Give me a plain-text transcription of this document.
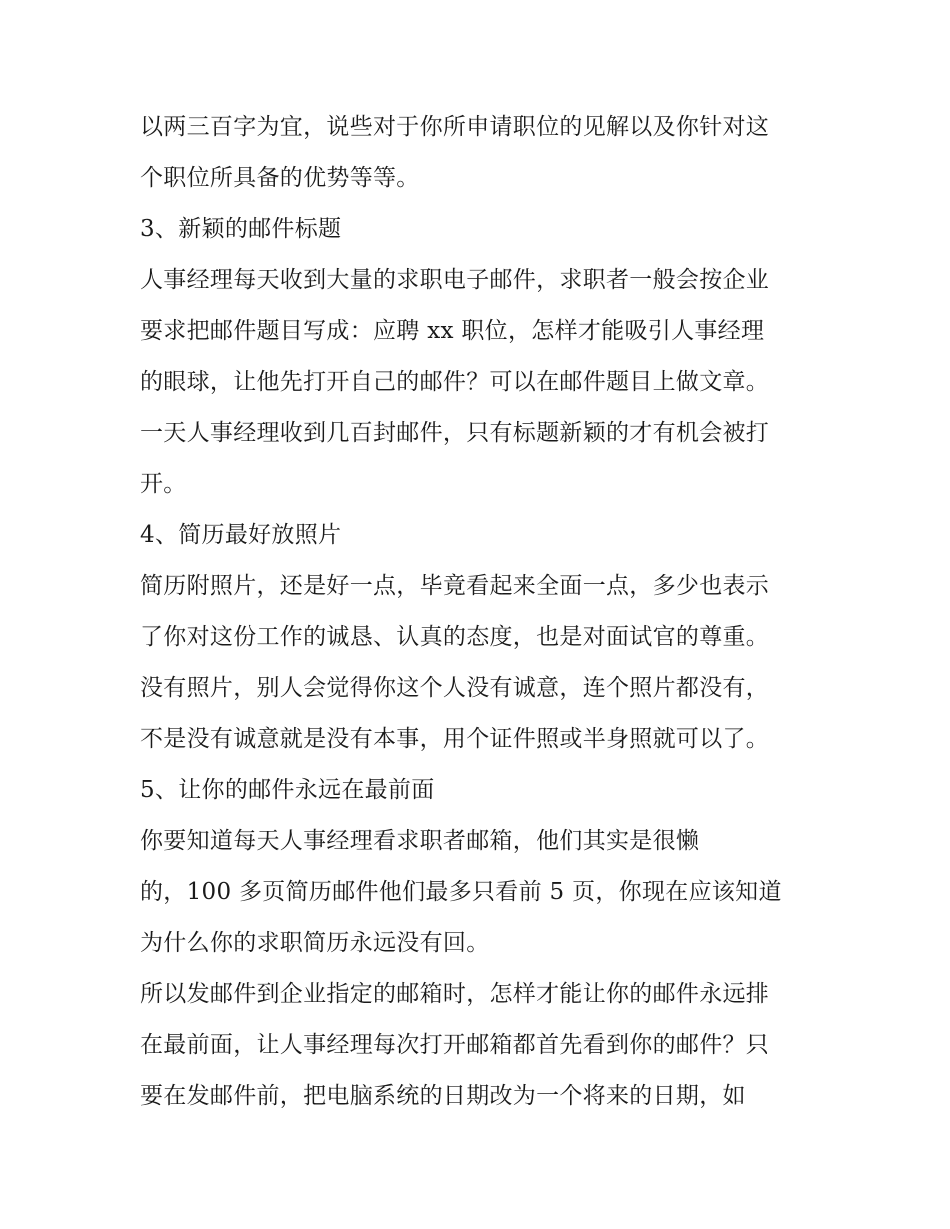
以两三百字为宜，说些对于你所申请职位的见解以及你针对这

个职位所具备的优势等等。

3、新颖的邮件标题

人事经理每天收到大量的求职电子邮件，求职者一般会按企业

要求把邮件题目写成：应聘 xx 职位，怎样才能吸引人事经理

的眼球，让他先打开自己的邮件？可以在邮件题目上做文章。

一天人事经理收到几百封邮件，只有标题新颖的才有机会被打

开。

4、简历最好放照片

简历附照片，还是好一点，毕竟看起来全面一点，多少也表示

了你对这份工作的诚恳、认真的态度，也是对面试官的尊重。

没有照片，别人会觉得你这个人没有诚意，连个照片都没有，

不是没有诚意就是没有本事，用个证件照或半身照就可以了。

5、让你的邮件永远在最前面

你要知道每天人事经理看求职者邮箱，他们其实是很懒

的，100 多页简历邮件他们最多只看前 5 页，你现在应该知道

为什么你的求职简历永远没有回。

所以发邮件到企业指定的邮箱时，怎样才能让你的邮件永远排

在最前面，让人事经理每次打开邮箱都首先看到你的邮件？只

要在发邮件前，把电脑系统的日期改为一个将来的日期，如
